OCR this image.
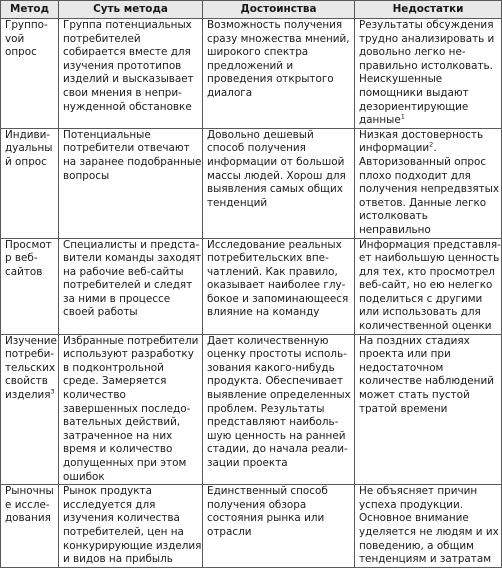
Метод	Суть метода	Достоинства	Недостатки

Группоvой опрос	Группа потенциальных потребителей собирается вместе для изучения прототипов изделий и высказывает свои мнения в непринужденной обстановке	Возможность получения сразу множества мнений, широкого спектра предложений и проведения открытого диалога	Результаты обсуждения трудно анализировать и довольно легко неправильно истолковать. Неискушенные помощники выдают дезориентирующие данные$^1$

Индивидуальный опрос	Потенциальные потребители отвечают на заранее подобранные вопросы	Довольно дешевый способ получения информации от большой массы людей. Хорош для выявления самых общих тенденций	Низкая достоверность информации$^2$. Авторизованный опрос плохо подходит для получения непредвзятых ответов. Данные легко истолковать неправильно

Просмотр веб-сайтов	Специалисты и представители команды заходят на рабочие веб-сайты потребителей и следят за ними в процессе своей работы	Исследование реальных потребительских впечатлений. Как правило, оказывает наиболее глубокое и запоминающееся влияние на команду	Информация представляет наибольшую ценность для тех, кто просмотрел веб-сайт, но ею нелегко поделиться с другими или использовать для количественной оценки

Изучение потребительских свойств изделия$^3$	Избранные потребители используют разработку в подконтрольной среде. Замеряется количество завершенных последовательных действий, затраченное на них время и количество допущенных при этом ошибок	Дает количественную оценку простоты использования какого-нибудь продукта. Обеспечивает выявление определенных проблем. Результаты представляют наибольшую ценность на ранней стадии, до начала реализации проекта	На поздних стадиях проекта или при недостаточном количестве наблюдений может стать пустой тратой времени

Рыночные исследования	Рынок продукта исследуется для изучения количества потребителей, цен на конкурирующие изделия и видов на прибыль	Единственный способ получения обзора состояния рынка или отрасли	Не объясняет причин успеха продукции. Основное внимание уделяется не людям и их поведению, а общим тенденциям и затратам
